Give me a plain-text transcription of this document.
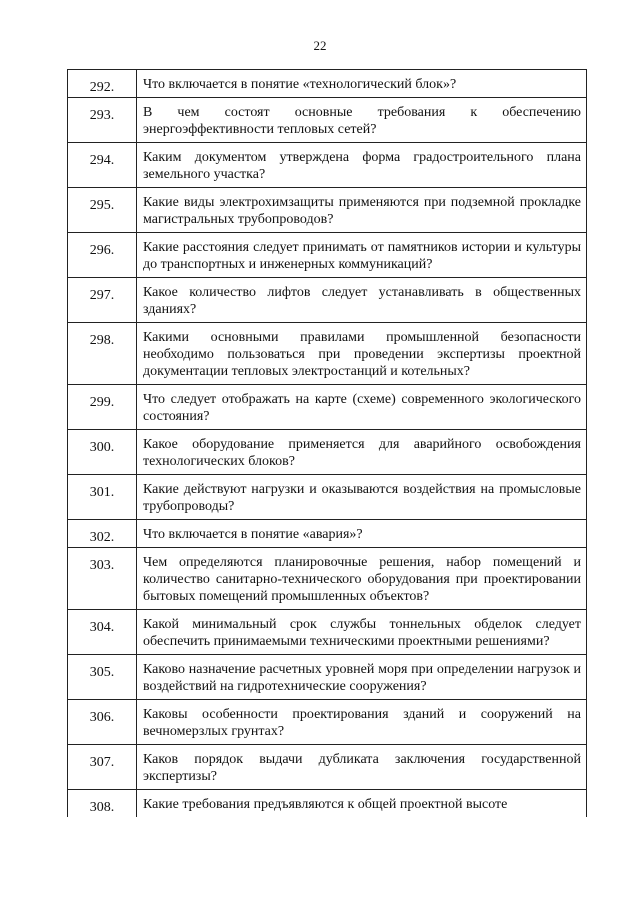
22
292.	Что включается в понятие «технологический блок»?
293.	В чем состоят основные требования к обеспечению энергоэффективности тепловых сетей?
294.	Каким документом утверждена форма градостроительного плана земельного участка?
295.	Какие виды электрохимзащиты применяются при подземной прокладке магистральных трубопроводов?
296.	Какие расстояния следует принимать от памятников истории и культуры до транспортных и инженерных коммуникаций?
297.	Какое количество лифтов следует устанавливать в общественных зданиях?
298.	Какими основными правилами промышленной безопасности необходимо пользоваться при проведении экспертизы проектной документации тепловых электростанций и котельных?
299.	Что следует отображать на карте (схеме) современного экологического состояния?
300.	Какое оборудование применяется для аварийного освобождения технологических блоков?
301.	Какие действуют нагрузки и оказываются воздействия на промысловые трубопроводы?
302.	Что включается в понятие «авария»?
303.	Чем определяются планировочные решения, набор помещений и количество санитарно-технического оборудования при проектировании бытовых помещений промышленных объектов?
304.	Какой минимальный срок службы тоннельных обделок следует обеспечить принимаемыми техническими проектными решениями?
305.	Каково назначение расчетных уровней моря при определении нагрузок и воздействий на гидротехнические сооружения?
306.	Каковы особенности проектирования зданий и сооружений на вечномерзлых грунтах?
307.	Каков порядок выдачи дубликата заключения государственной экспертизы?
308.	Какие требования предъявляются к общей проектной высоте
